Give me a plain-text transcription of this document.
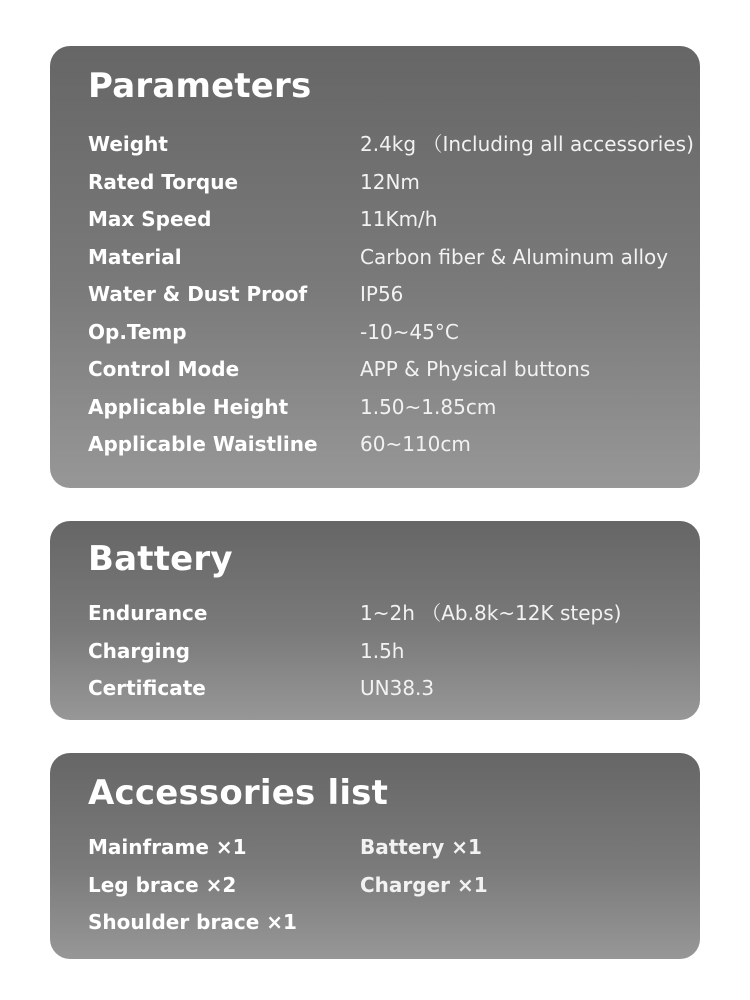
Parameters
Weight	2.4kg （Including all accessories)
Rated Torque	12Nm
Max Speed	11Km/h
Material	Carbon fiber & Aluminum alloy
Water & Dust Proof	IP56
Op.Temp	-10~45°C
Control Mode	APP & Physical buttons
Applicable Height	1.50~1.85cm
Applicable Waistline 60~110cm
Battery
Endurance	1~2h （Ab.8k~12K steps)
Charging	1.5h
Certificate	UN38.3
Accessories list
Mainframe ×1	Battery ×1
Leg brace ×2	Charger ×1
Shoulder brace ×1
